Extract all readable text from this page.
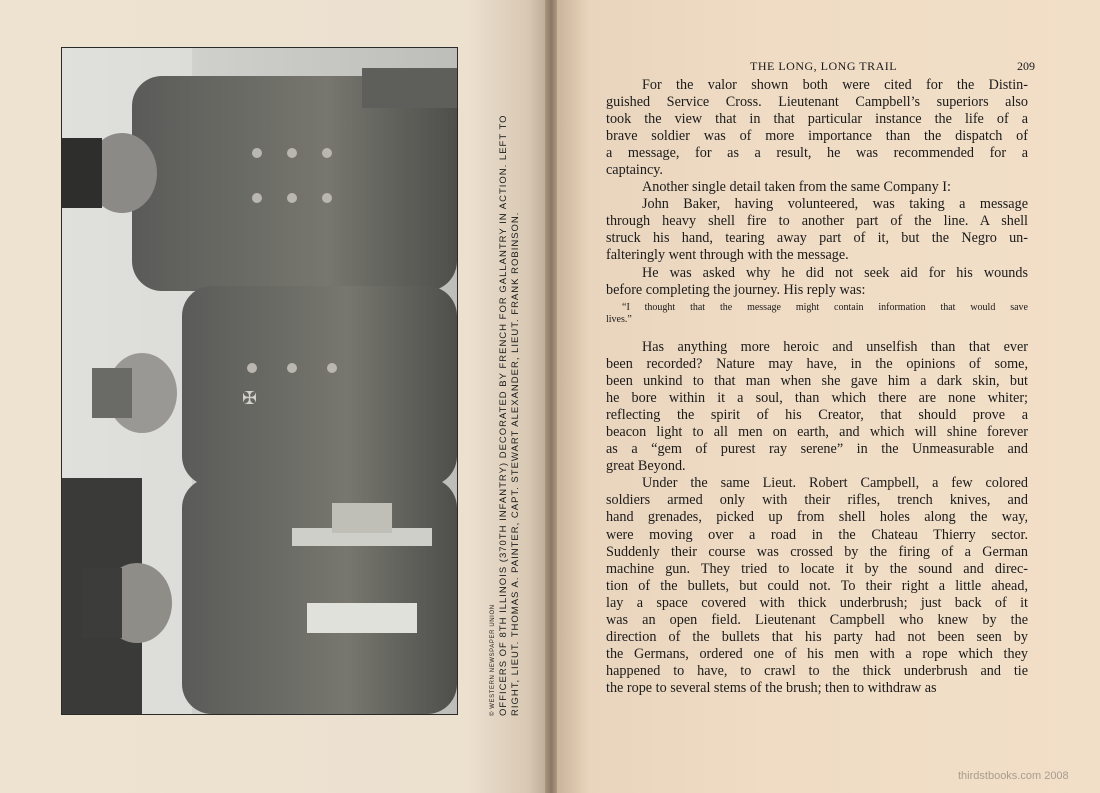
✠
© WESTERN NEWSPAPER UNION OFFICERS OF 8TH ILLINOIS (370TH INFANTRY) DECORATED BY FRENCH FOR GALLANTRY IN ACTION. LEFT TO RIGHT, LIEUT. THOMAS A. PAINTER, CAPT. STEWART ALEXANDER, LIEUT. FRANK ROBINSON.
THE LONG, LONG TRAIL	209
For the valor shown both were cited for the Distin-
guished Service Cross. Lieutenant Campbell’s superiors also
took the view that in that particular instance the life of a
brave soldier was of more importance than the dispatch of
a message, for as a result, he was recommended for a
captaincy.
Another single detail taken from the same Company I:
John Baker, having volunteered, was taking a message
through heavy shell fire to another part of the line. A shell
struck his hand, tearing away part of it, but the Negro un-
falteringly went through with the message.
He was asked why he did not seek aid for his wounds
before completing the journey. His reply was:
“I thought that the message might contain information that would save
lives.”
Has anything more heroic and unselfish than that ever
been recorded? Nature may have, in the opinions of some,
been unkind to that man when she gave him a dark skin, but
he bore within it a soul, than which there are none whiter;
reflecting the spirit of his Creator, that should prove a
beacon light to all men on earth, and which will shine forever
as a “gem of purest ray serene” in the Unmeasurable and
great Beyond.
Under the same Lieut. Robert Campbell, a few colored
soldiers armed only with their rifles, trench knives, and
hand grenades, picked up from shell holes along the way,
were moving over a road in the Chateau Thierry sector.
Suddenly their course was crossed by the firing of a German
machine gun. They tried to locate it by the sound and direc-
tion of the bullets, but could not. To their right a little ahead,
lay a space covered with thick underbrush; just back of it
was an open field. Lieutenant Campbell who knew by the
direction of the bullets that his party had not been seen by
the Germans, ordered one of his men with a rope which they
happened to have, to crawl to the thick underbrush and tie
the rope to several stems of the brush; then to withdraw as
thirdstbooks.com 2008
